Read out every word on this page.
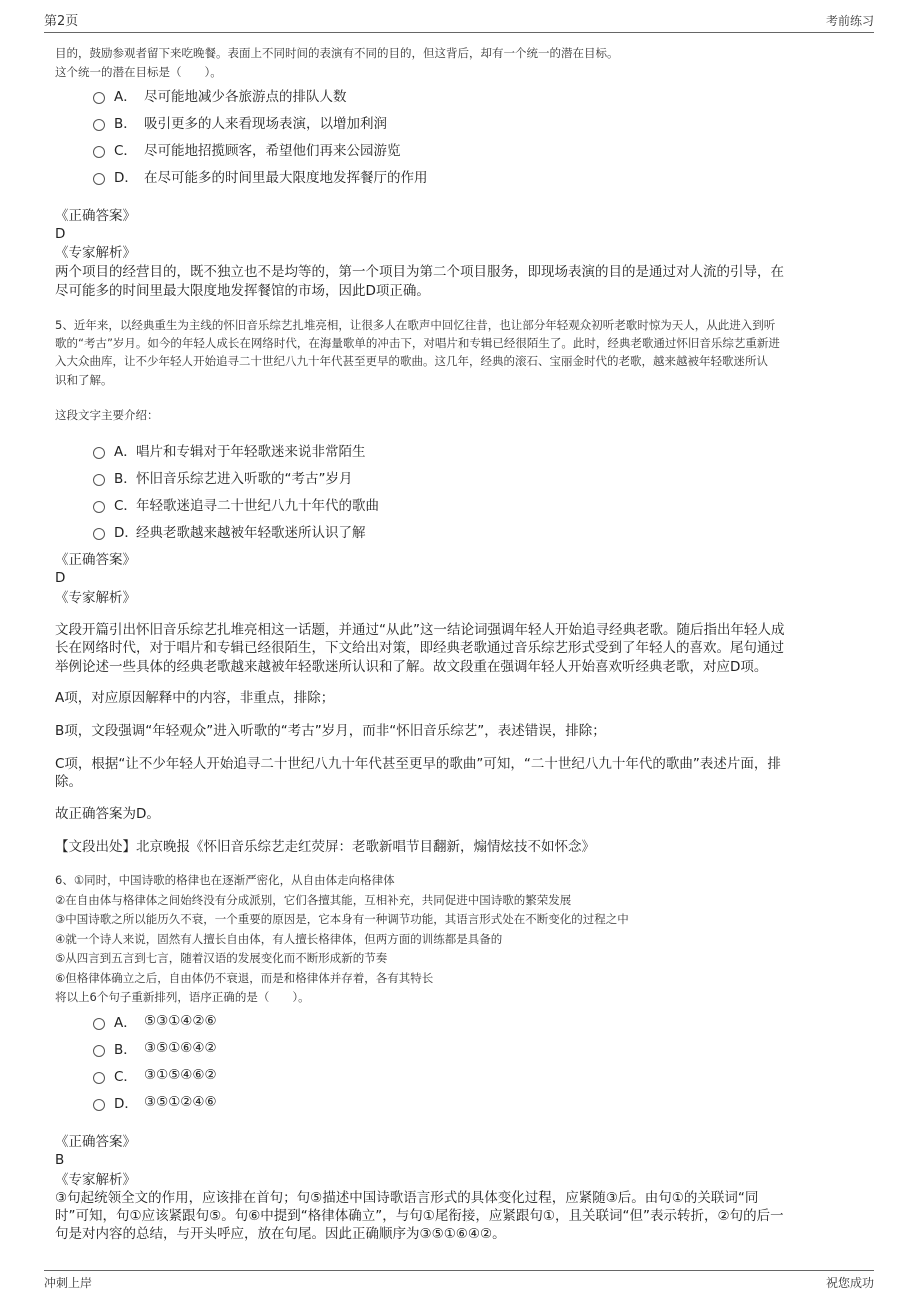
第2页	考前练习
目的，鼓励参观者留下来吃晚餐。表面上不同时间的表演有不同的目的，但这背后，却有一个统一的潜在目标。
这个统一的潜在目标是（　　）。
A． 尽可能地减少各旅游点的排队人数
B． 吸引更多的人来看现场表演，以增加利润
C． 尽可能地招揽顾客，希望他们再来公园游览
D． 在尽可能多的时间里最大限度地发挥餐厅的作用
《正确答案》
D
《专家解析》
两个项目的经营目的，既不独立也不是均等的，第一个项目为第二个项目服务，即现场表演的目的是通过对人流的引导，在
尽可能多的时间里最大限度地发挥餐馆的市场，因此D项正确。
5、近年来，以经典重生为主线的怀旧音乐综艺扎堆亮相，让很多人在歌声中回忆往昔，也让部分年轻观众初听老歌时惊为天人，从此进入到听
歌的“考古”岁月。如今的年轻人成长在网络时代，在海量歌单的冲击下，对唱片和专辑已经很陌生了。此时，经典老歌通过怀旧音乐综艺重新进
入大众曲库，让不少年轻人开始追寻二十世纪八九十年代甚至更早的歌曲。这几年，经典的滚石、宝丽金时代的老歌，越来越被年轻歌迷所认
识和了解。
这段文字主要介绍：
A． 唱片和专辑对于年轻歌迷来说非常陌生
B． 怀旧音乐综艺进入听歌的“考古”岁月
C． 年轻歌迷追寻二十世纪八九十年代的歌曲
D．
经典老歌越来越被年轻歌迷所认识了解
《正确答案》
D
《专家解析》
文段开篇引出怀旧音乐综艺扎堆亮相这一话题，并通过“从此”这一结论词强调年轻人开始追寻经典老歌。随后指出年轻人成
长在网络时代，对于唱片和专辑已经很陌生，下文给出对策，即经典老歌通过音乐综艺形式受到了年轻人的喜欢。尾句通过
举例论述一些具体的经典老歌越来越被年轻歌迷所认识和了解。故文段重在强调年轻人开始喜欢听经典老歌，对应D项。
A项，对应原因解释中的内容，非重点，排除；
B项，文段强调“年轻观众”进入听歌的“考古”岁月，而非“怀旧音乐综艺”，表述错误，排除；
C项，根据“让不少年轻人开始追寻二十世纪八九十年代甚至更早的歌曲”可知，“二十世纪八九十年代的歌曲”表述片面，排
除。
故正确答案为D。
【文段出处】北京晚报《怀旧音乐综艺走红荧屏：老歌新唱节目翻新，煽情炫技不如怀念》
6、①同时，中国诗歌的格律也在逐渐严密化，从自由体走向格律体
②在自由体与格律体之间始终没有分成派别，它们各擅其能，互相补充，共同促进中国诗歌的繁荣发展
③中国诗歌之所以能历久不衰，一个重要的原因是，它本身有一种调节功能，其语言形式处在不断变化的过程之中
④就一个诗人来说，固然有人擅长自由体，有人擅长格律体，但两方面的训练都是具备的
⑤从四言到五言到七言，随着汉语的发展变化而不断形成新的节奏
⑥但格律体确立之后，自由体仍不衰退，而是和格律体并存着，各有其特长
将以上6个句子重新排列，语序正确的是（　　）。
A． ⑤③①④②⑥
B． ③⑤①⑥④②
C． ③①⑤④⑥②
D． ③⑤①②④⑥
《正确答案》
B
《专家解析》
③句起统领全文的作用，应该排在首句；句⑤描述中国诗歌语言形式的具体变化过程，应紧随③后。由句①的关联词“同
时”可知，句①应该紧跟句⑤。句⑥中提到“格律体确立”，与句①尾衔接，应紧跟句①，且关联词“但”表示转折，②句的后一
句是对内容的总结，与开头呼应，放在句尾。因此正确顺序为③⑤①⑥④②。
冲刺上岸	祝您成功
